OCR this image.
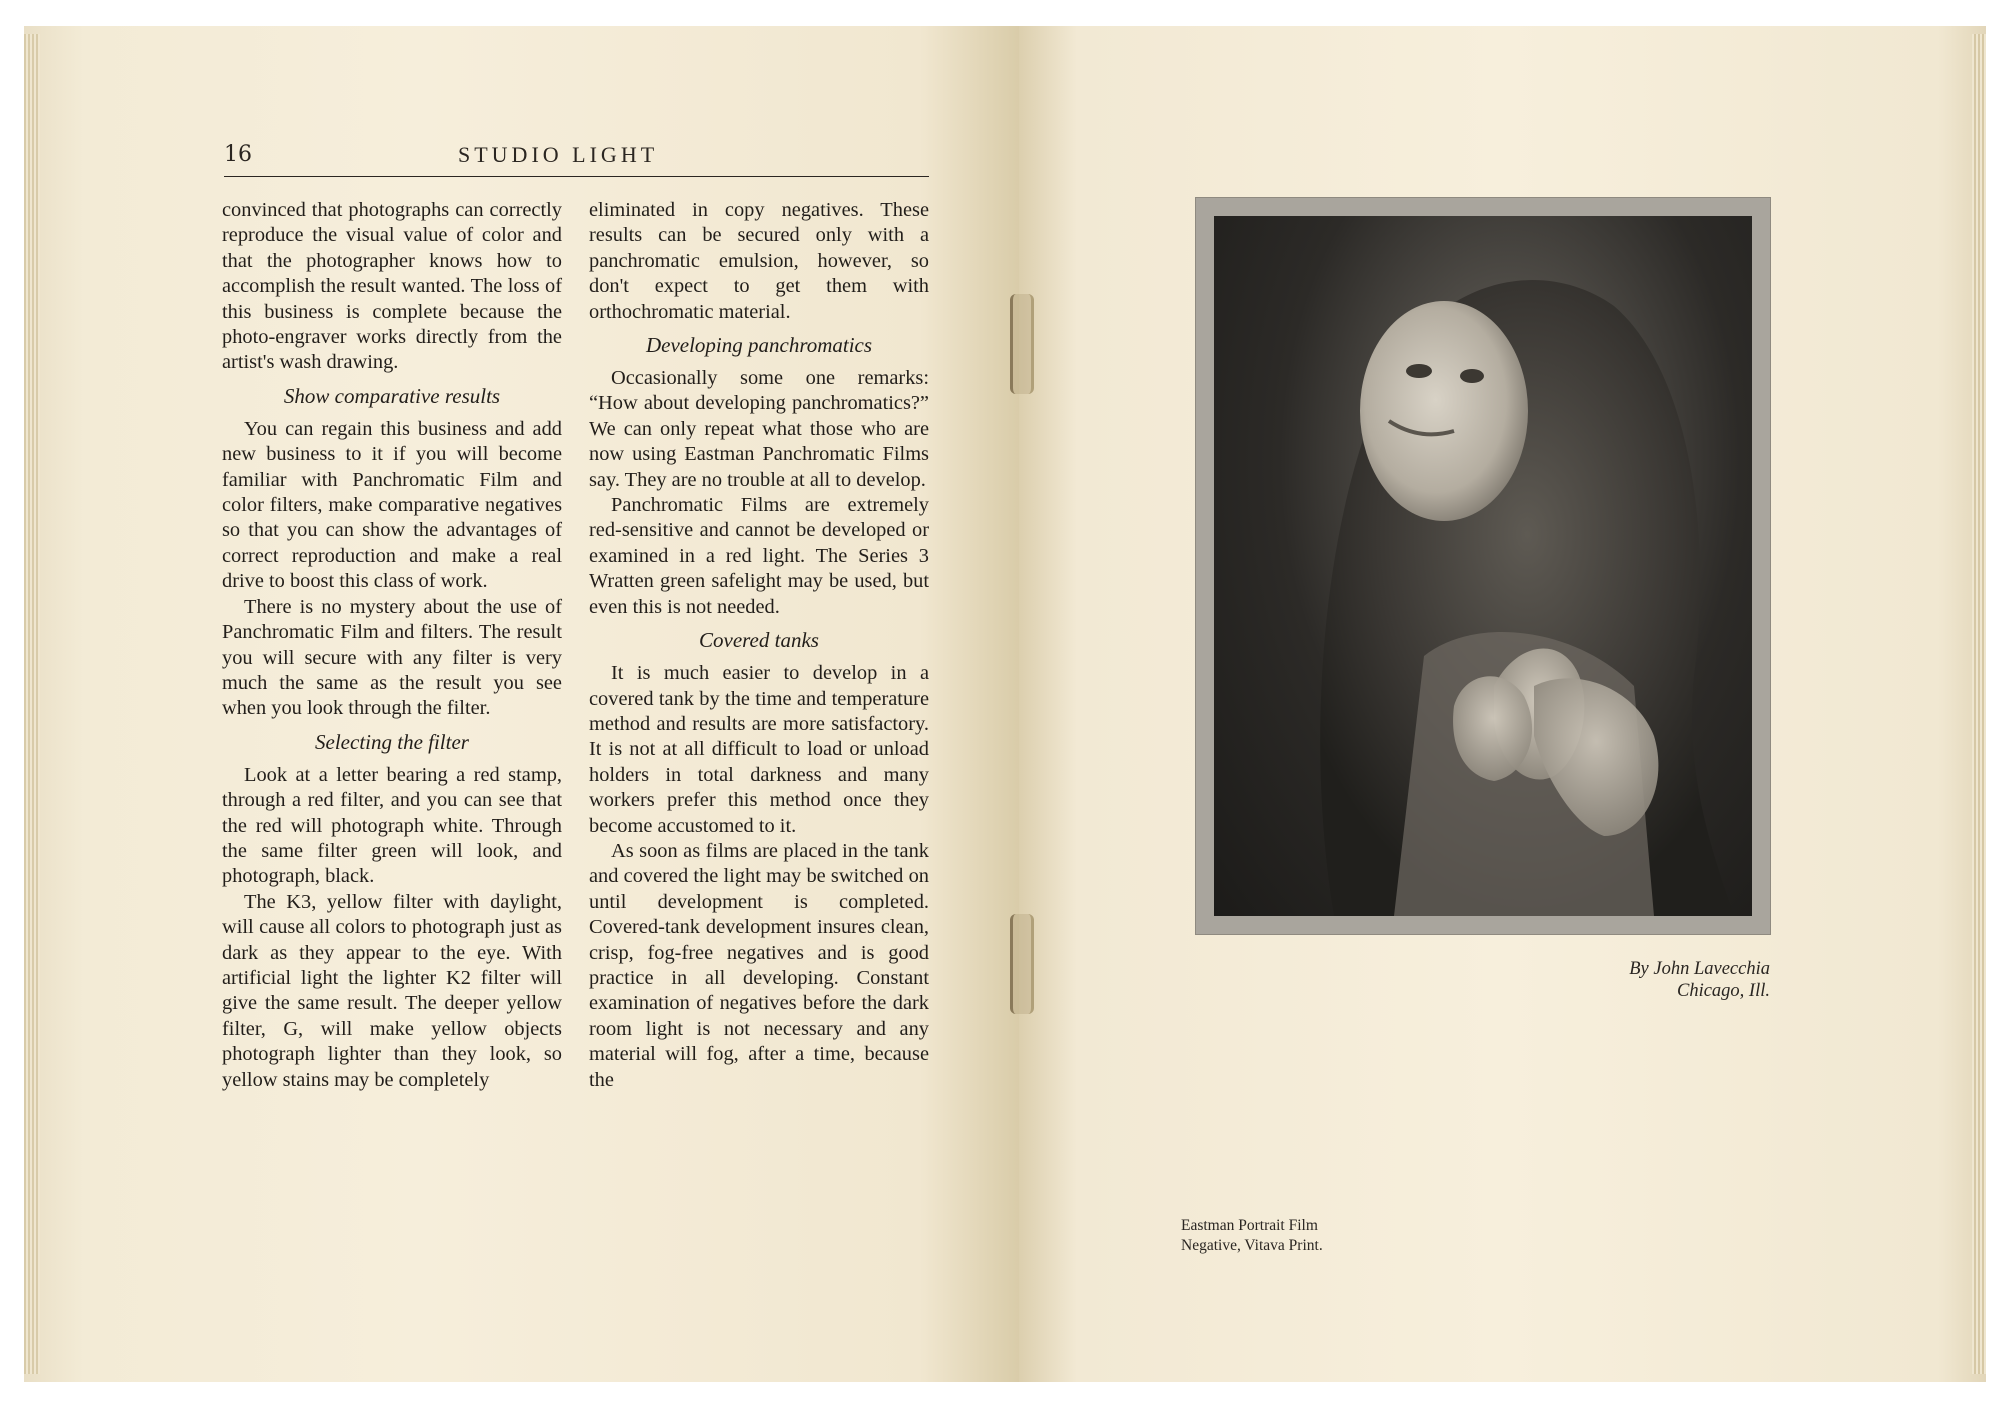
16	STUDIO LIGHT

convinced that photographs can correctly reproduce the visual value of color and that the photographer knows how to accomplish the result wanted. The loss of this business is complete because the photo-engraver works directly from the artist's wash drawing.

Show comparative results

You can regain this business and add new business to it if you will become familiar with Panchromatic Film and color filters, make comparative negatives so that you can show the advantages of correct reproduction and make a real drive to boost this class of work.

There is no mystery about the use of Panchromatic Film and filters. The result you will secure with any filter is very much the same as the result you see when you look through the filter.

Selecting the filter

Look at a letter bearing a red stamp, through a red filter, and you can see that the red will photograph white. Through the same filter green will look, and photograph, black.

The K3, yellow filter with daylight, will cause all colors to photograph just as dark as they appear to the eye. With artificial light the lighter K2 filter will give the same result. The deeper yellow filter, G, will make yellow objects photograph lighter than they look, so yellow stains may be completely

eliminated in copy negatives. These results can be secured only with a panchromatic emulsion, however, so don't expect to get them with orthochromatic material.

Developing panchromatics

Occasionally some one remarks: “How about developing panchromatics?” We can only repeat what those who are now using Eastman Panchromatic Films say. They are no trouble at all to develop.

Panchromatic Films are extremely red-sensitive and cannot be developed or examined in a red light. The Series 3 Wratten green safelight may be used, but even this is not needed.

Covered tanks

It is much easier to develop in a covered tank by the time and temperature method and results are more satisfactory. It is not at all difficult to load or unload holders in total darkness and many workers prefer this method once they become accustomed to it.

As soon as films are placed in the tank and covered the light may be switched on until development is completed. Covered-tank development insures clean, crisp, fog-free negatives and is good practice in all developing. Constant examination of negatives before the dark room light is not necessary and any material will fog, after a time, because the

By John Lavecchia
Chicago, Ill.
Eastman Portrait Film
Negative, Vitava Print.
